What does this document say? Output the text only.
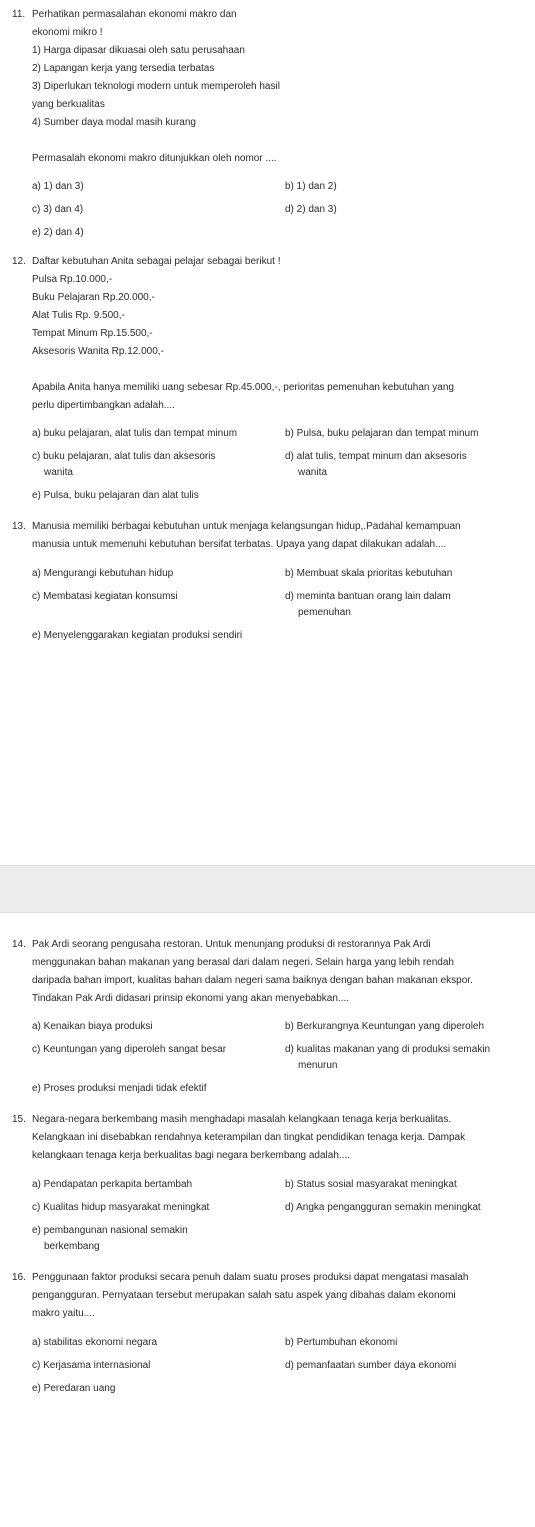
11. Perhatikan permasalahan ekonomi makro dan
ekonomi mikro !
1) Harga dipasar dikuasai oleh satu perusahaan
2) Lapangan kerja yang tersedia terbatas
3) Diperlukan teknologi modern untuk memperoleh hasil
yang berkualitas
4) Sumber daya modal masih kurang
Permasalah ekonomi makro ditunjukkan oleh nomor ....
a) 1) dan 3)	b) 1) dan 2)
c) 3) dan 4)	d) 2) dan 3)
e) 2) dan 4)
12. Daftar kebutuhan Anita sebagai pelajar sebagai berikut !
Pulsa Rp.10.000,-
Buku Pelajaran Rp.20.000,-
Alat Tulis Rp. 9.500,-
Tempat Minum Rp.15.500,-
Aksesoris Wanita Rp.12.000,-
Apabila Anita hanya memiliki uang sebesar Rp.45.000,-, perioritas pemenuhan kebutuhan yang
perlu dipertimbangkan adalah....
a) buku pelajaran, alat tulis dan tempat minum	b) Pulsa, buku pelajaran dan tempat minum
c) buku pelajaran, alat tulis dan aksesoris	d) alat tulis, tempat minum dan aksesoris
wanita	wanita
e) Pulsa, buku pelajaran dan alat tulis
13. Manusia memiliki berbagai kebutuhan untuk menjaga kelangsungan hidup,.Padahal kemampuan
manusia untuk memenuhi kebutuhan bersifat terbatas. Upaya yang dapat dilakukan adalah....
a) Mengurangi kebutuhan hidup	b) Membuat skala prioritas kebutuhan
c) Membatasi kegiatan konsumsi	d) meminta bantuan orang lain dalam
pemenuhan
e) Menyelenggarakan kegiatan produksi sendiri
14. Pak Ardi seorang pengusaha restoran. Untuk menunjang produksi di restorannya Pak Ardi
menggunakan bahan makanan yang berasal dari dalam negeri. Selain harga yang lebih rendah
daripada bahan import, kualitas bahan dalam negeri sama baiknya dengan bahan makanan ekspor.
Tindakan Pak Ardi didasari prinsip ekonomi yang akan menyebabkan....
a) Kenaikan biaya produksi	b) Berkurangnya Keuntungan yang diperoleh
c) Keuntungan yang diperoleh sangat besar	d) kualitas makanan yang di produksi semakin
menurun
e) Proses produksi menjadi tidak efektif
15. Negara-negara berkembang masih menghadapi masalah kelangkaan tenaga kerja berkualitas.
Kelangkaan ini disebabkan rendahnya keterampilan dan tingkat pendidikan tenaga kerja. Dampak
kelangkaan tenaga kerja berkualitas bagi negara berkembang adalah....
a) Pendapatan perkapita bertambah	b) Status sosial masyarakat meningkat
c) Kualitas hidup masyarakat meningkat	d) Angka pengangguran semakin meningkat
e) pembangunan nasional semakin
berkembang
16. Penggunaan faktor produksi secara penuh dalam suatu proses produksi dapat mengatasi masalah
pengangguran. Pernyataan tersebut merupakan salah satu aspek yang dibahas dalam ekonomi
makro yaitu....
a) stabilitas ekonomi negara	b) Pertumbuhan ekonomi
c) Kerjasama internasional	d) pemanfaatan sumber daya ekonomi
e) Peredaran uang
